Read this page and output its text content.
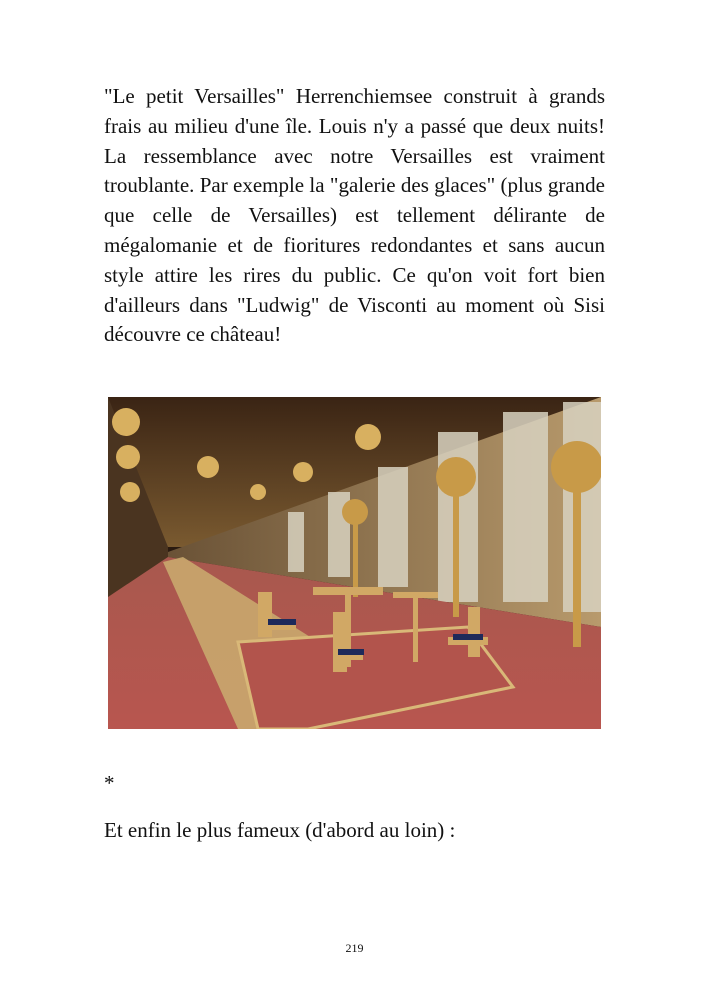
"Le petit Versailles" Herrenchiemsee construit à grands frais au milieu d'une île. Louis n'y a passé que deux nuits! La ressemblance avec notre Versailles est vraiment troublante. Par exemple la "galerie des glaces" (plus grande que celle de Versailles) est tellement délirante de mégalomanie et de fioritures redondantes et sans aucun style attire les rires du public. Ce qu'on voit fort bien d'ailleurs dans "Ludwig" de Visconti au moment où Sisi découvre ce château!

*

Et enfin le plus fameux (d'abord au loin) :

219
